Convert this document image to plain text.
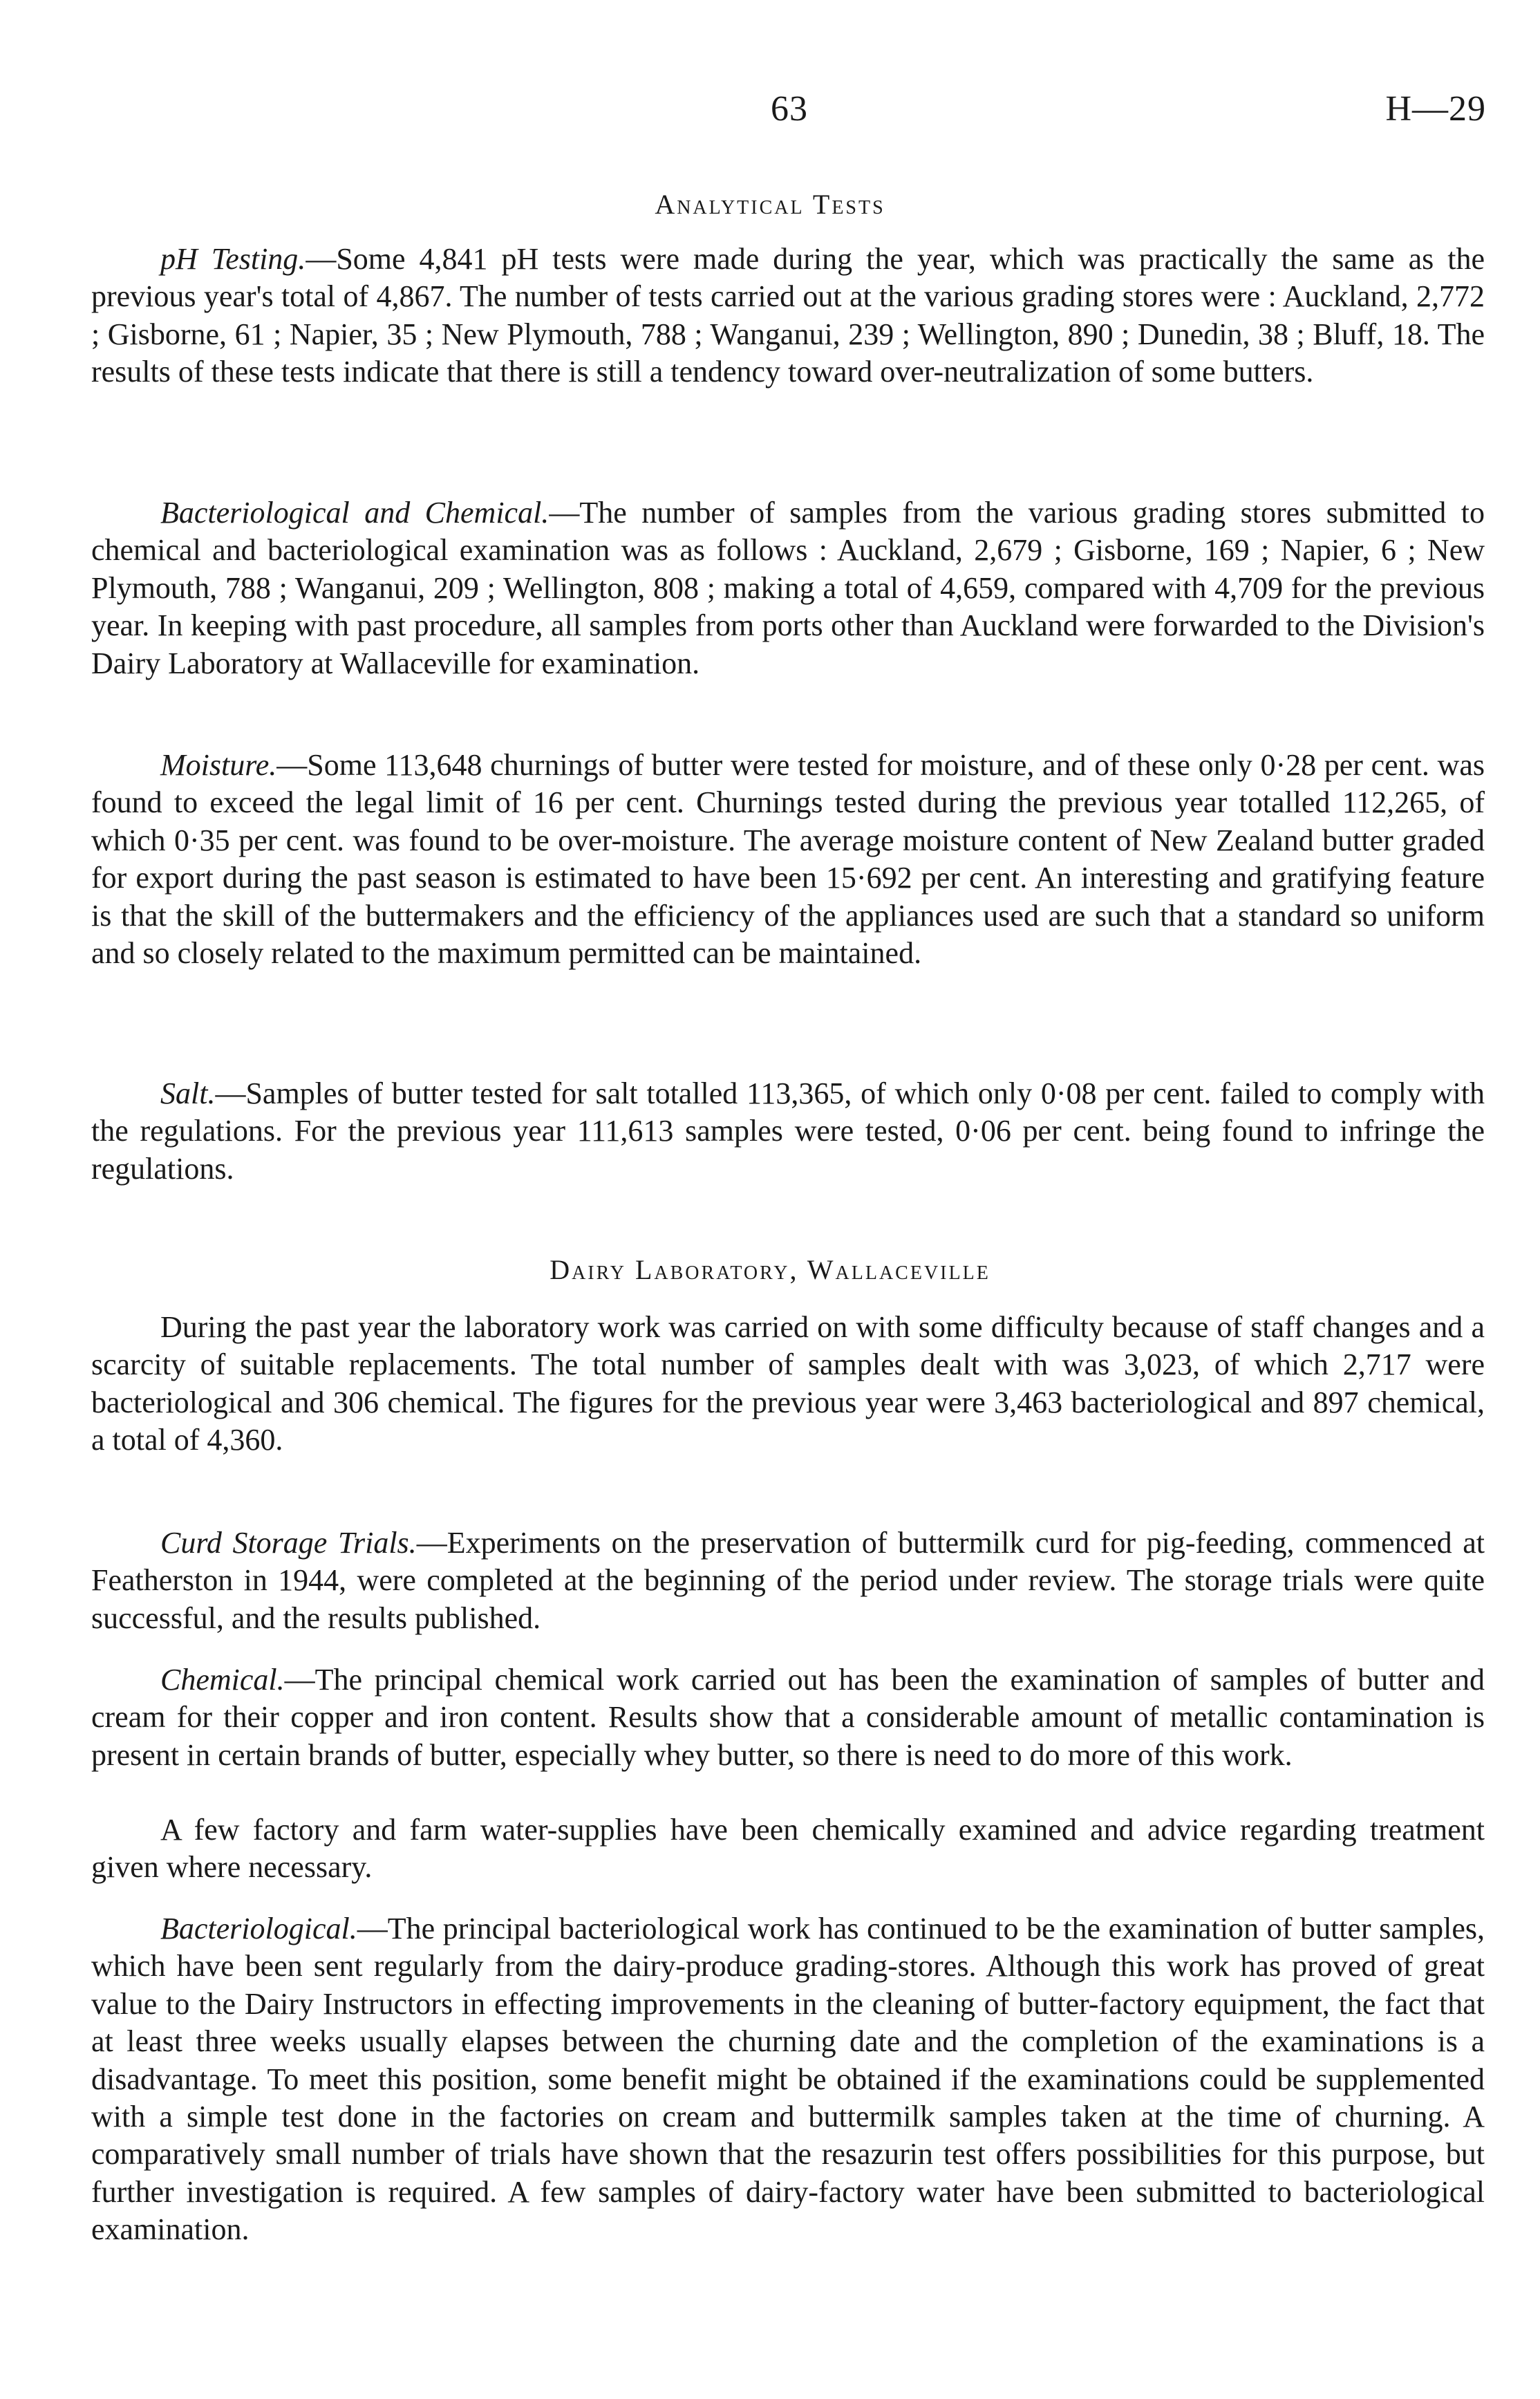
63	H—29
Analytical Tests

pH Testing.—Some 4,841 pH tests were made during the year, which was practically the same as the previous year's total of 4,867. The number of tests carried out at the various grading stores were : Auckland, 2,772 ; Gisborne, 61 ; Napier, 35 ; New Plymouth, 788 ; Wanganui, 239 ; Wellington, 890 ; Dunedin, 38 ; Bluff, 18. The results of these tests indicate that there is still a tendency toward over-neutralization of some butters.

Bacteriological and Chemical.—The number of samples from the various grading stores submitted to chemical and bacteriological examination was as follows : Auckland, 2,679 ; Gisborne, 169 ; Napier, 6 ; New Plymouth, 788 ; Wanganui, 209 ; Wellington, 808 ; making a total of 4,659, compared with 4,709 for the previous year. In keeping with past procedure, all samples from ports other than Auckland were forwarded to the Division's Dairy Laboratory at Wallaceville for examination.

Moisture.—Some 113,648 churnings of butter were tested for moisture, and of these only 0·28 per cent. was found to exceed the legal limit of 16 per cent. Churnings tested during the previous year totalled 112,265, of which 0·35 per cent. was found to be over-moisture. The average moisture content of New Zealand butter graded for export during the past season is estimated to have been 15·692 per cent. An interesting and gratifying feature is that the skill of the buttermakers and the efficiency of the appliances used are such that a standard so uniform and so closely related to the maximum permitted can be maintained.

Salt.—Samples of butter tested for salt totalled 113,365, of which only 0·08 per cent. failed to comply with the regulations. For the previous year 111,613 samples were tested, 0·06 per cent. being found to infringe the regulations.

Dairy Laboratory, Wallaceville

During the past year the laboratory work was carried on with some difficulty because of staff changes and a scarcity of suitable replacements. The total number of samples dealt with was 3,023, of which 2,717 were bacteriological and 306 chemical. The figures for the previous year were 3,463 bacteriological and 897 chemical, a total of 4,360.

Curd Storage Trials.—Experiments on the preservation of buttermilk curd for pig-feeding, commenced at Featherston in 1944, were completed at the beginning of the period under review. The storage trials were quite successful, and the results published.

Chemical.—The principal chemical work carried out has been the examination of samples of butter and cream for their copper and iron content. Results show that a considerable amount of metallic contamination is present in certain brands of butter, especially whey butter, so there is need to do more of this work.

A few factory and farm water-supplies have been chemically examined and advice regarding treatment given where necessary.

Bacteriological.—The principal bacteriological work has continued to be the examination of butter samples, which have been sent regularly from the dairy-produce grading-stores. Although this work has proved of great value to the Dairy Instructors in effecting improvements in the cleaning of butter-factory equipment, the fact that at least three weeks usually elapses between the churning date and the completion of the examinations is a disadvantage. To meet this position, some benefit might be obtained if the examinations could be supplemented with a simple test done in the factories on cream and buttermilk samples taken at the time of churning. A comparatively small number of trials have shown that the resazurin test offers possibilities for this purpose, but further investigation is required. A few samples of dairy-factory water have been submitted to bacteriological examination.
